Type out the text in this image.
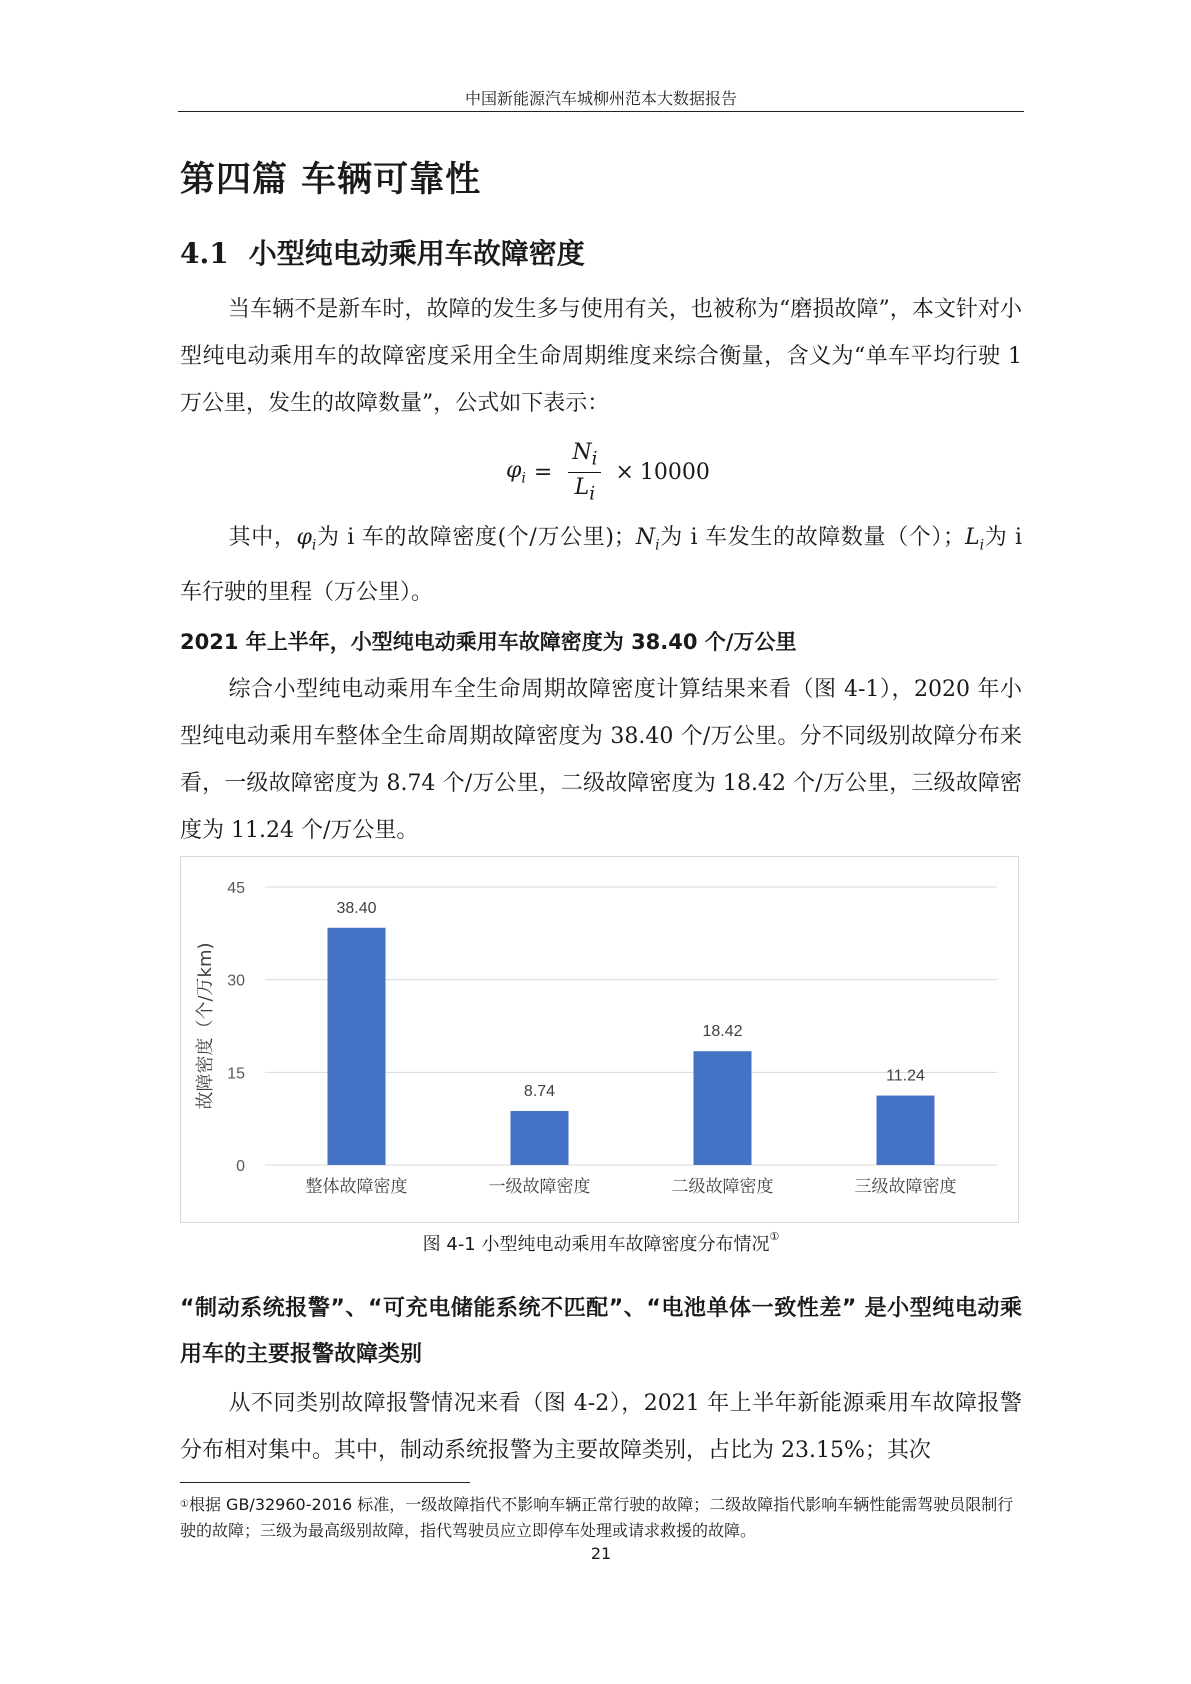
中国新能源汽车城柳州范本大数据报告
第四篇 车辆可靠性
4.1 小型纯电动乘用车故障密度

当车辆不是新车时，故障的发生多与使用有关，也被称为“磨损故障”，本文针对小型纯电动乘用车的故障密度采用全生命周期维度来综合衡量，含义为“单车平均行驶 1 万公里，发生的故障数量”，公式如下表示：

$\varphi_i = \frac{N_i}{L_i} \times 10000$

其中，$\varphi_i$为 i 车的故障密度(个/万公里)；$N_i$为 i 车发生的故障数量（个）；$L_i$为 i 车行驶的里程（万公里）。

2021 年上半年，小型纯电动乘用车故障密度为 38.40 个/万公里

综合小型纯电动乘用车全生命周期故障密度计算结果来看（图 4-1），2020 年小型纯电动乘用车整体全生命周期故障密度为 38.40 个/万公里。分不同级别故障分布来看，一级故障密度为 8.74 个/万公里，二级故障密度为 18.42 个/万公里，三级故障密度为 11.24 个/万公里。

0
15
30
45
38.40
整体故障密度
8.74
一级故障密度
18.42
二级故障密度
11.24
三级故障密度
故障密度（个/万km)
图 4-1 小型纯电动乘用车故障密度分布情况①

“制动系统报警”、“可充电储能系统不匹配”、“电池单体一致性差” 是小型纯电动乘用车的主要报警故障类别

从不同类别故障报警情况来看（图 4-2），2021 年上半年新能源乘用车故障报警分布相对集中。其中，制动系统报警为主要故障类别，占比为 23.15%；其次

①根据 GB/32960-2016 标准，一级故障指代不影响车辆正常行驶的故障；二级故障指代影响车辆性能需驾驶员限制行驶的故障；三级为最高级别故障，指代驾驶员应立即停车处理或请求救援的故障。

21
